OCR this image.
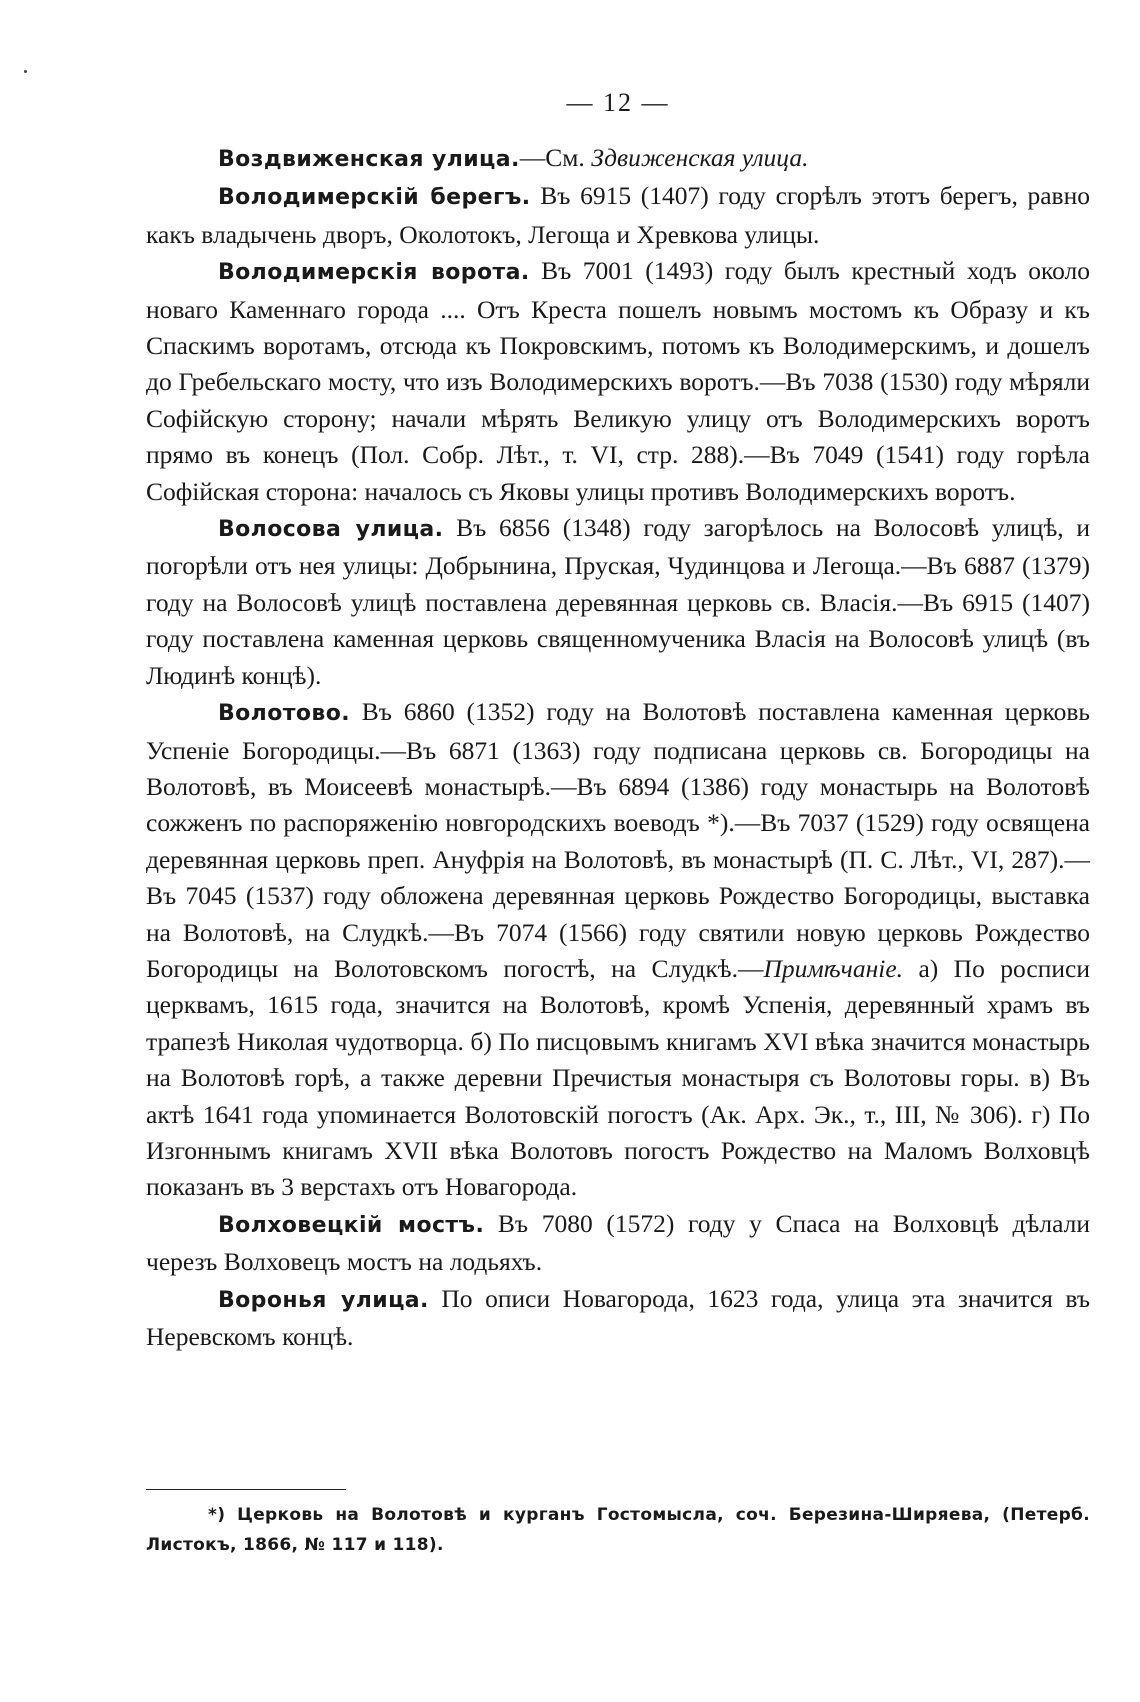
— 12 —

Воздвиженская улица.—См. Здвиженская улица.

Володимерскій берегъ. Въ 6915 (1407) году сгорѣлъ этотъ берегъ, равно какъ владычень дворъ, Околотокъ, Легоща и Хревкова улицы.

Володимерскія ворота. Въ 7001 (1493) году былъ крестный ходъ около новаго Каменнаго города .... Отъ Креста пошелъ новымъ мостомъ къ Образу и къ Спаскимъ воротамъ, отсюда къ Покровскимъ, потомъ къ Володимерскимъ, и дошелъ до Гребельскаго мосту, что изъ Володимерскихъ воротъ.—Въ 7038 (1530) году мѣряли Софійскую сторону; начали мѣрять Великую улицу отъ Володимерскихъ воротъ прямо въ конецъ (Пол. Собр. Лѣт., т. VI, стр. 288).—Въ 7049 (1541) году горѣла Софійская сторона: началось съ Яковы улицы противъ Володимерскихъ воротъ.

Волосова улица. Въ 6856 (1348) году загорѣлось на Волосовѣ улицѣ, и погорѣли отъ нея улицы: Добрынина, Пруская, Чудинцова и Легоща.—Въ 6887 (1379) году на Волосовѣ улицѣ поставлена деревянная церковь св. Власія.—Въ 6915 (1407) году поставлена каменная церковь священномученика Власія на Волосовѣ улицѣ (въ Людинѣ концѣ).

Волотово. Въ 6860 (1352) году на Волотовѣ поставлена каменная церковь Успеніе Богородицы.—Въ 6871 (1363) году подписана церковь св. Богородицы на Волотовѣ, въ Моисеевѣ монастырѣ.—Въ 6894 (1386) году монастырь на Волотовѣ сожженъ по распоряженію новгородскихъ воеводъ *).—Въ 7037 (1529) году освящена деревянная церковь преп. Ануфрія на Волотовѣ, въ монастырѣ (П. С. Лѣт., VI, 287).—Въ 7045 (1537) году обложена деревянная церковь Рождество Богородицы, выставка на Волотовѣ, на Слудкѣ.—Въ 7074 (1566) году святили новую церковь Рождество Богородицы на Волотовскомъ погостѣ, на Слудкѣ.—Примѣчаніе. а) По росписи церквамъ, 1615 года, значится на Волотовѣ, кромѣ Успенія, деревянный храмъ въ трапезѣ Николая чудотворца. б) По писцовымъ книгамъ XVI вѣка значится монастырь на Волотовѣ горѣ, а также деревни Пречистыя монастыря съ Волотовы горы. в) Въ актѣ 1641 года упоминается Волотовскій погостъ (Ак. Арх. Эк., т., III, № 306). г) По Изгоннымъ книгамъ XVII вѣка Волотовъ погостъ Рождество на Маломъ Волховцѣ показанъ въ 3 верстахъ отъ Новагорода.

Волховецкій мостъ. Въ 7080 (1572) году у Спаса на Волховцѣ дѣлали черезъ Волховецъ мостъ на лодьяхъ.

Воронья улица. По описи Новагорода, 1623 года, улица эта значится въ Неревскомъ концѣ.

*) Церковь на Волотовѣ и курганъ Гостомысла, соч. Березина-Ширяева, (Петерб. Листокъ, 1866, № 117 и 118).
